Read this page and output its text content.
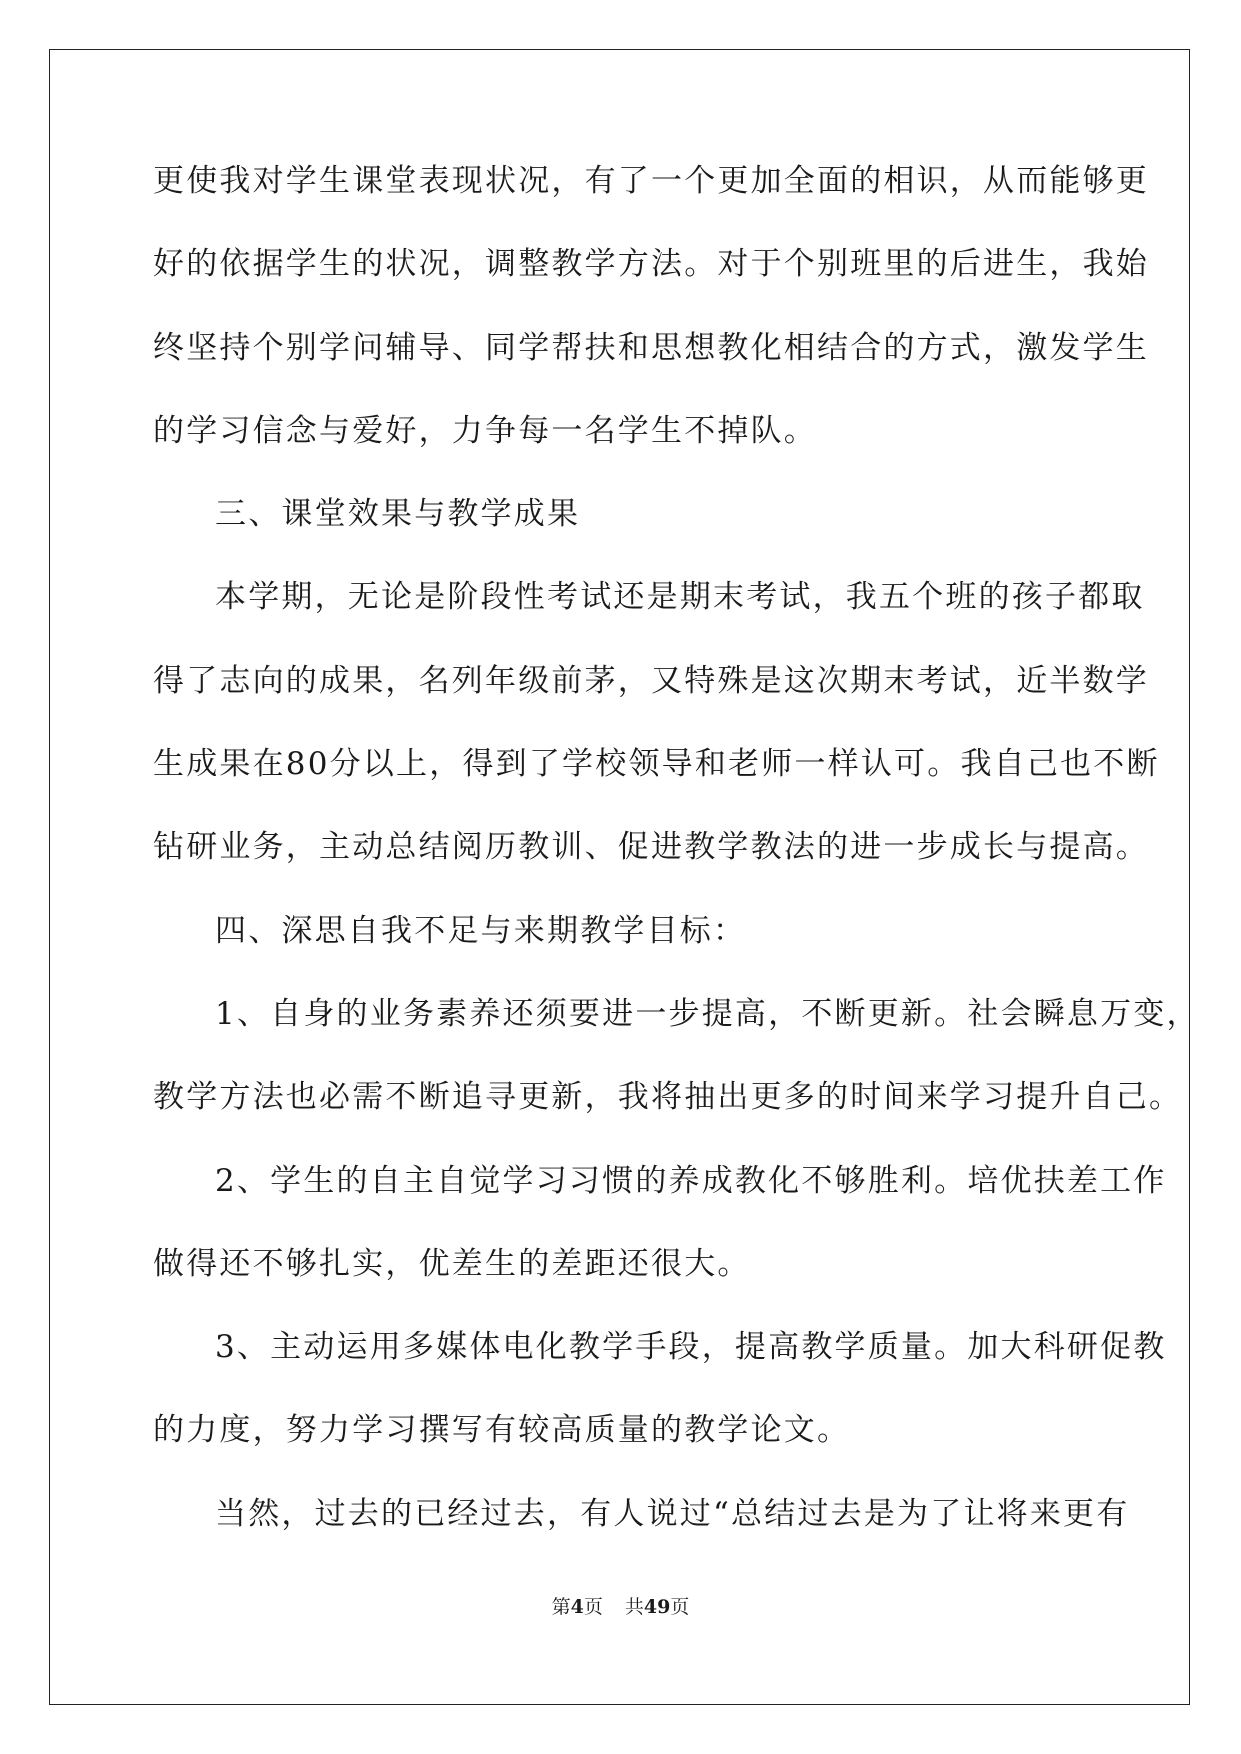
更使我对学生课堂表现状况，有了一个更加全面的相识，从而能够更
好的依据学生的状况，调整教学方法。对于个别班里的后进生，我始
终坚持个别学问辅导、同学帮扶和思想教化相结合的方式，激发学生
的学习信念与爱好，力争每一名学生不掉队。
三、课堂效果与教学成果
本学期，无论是阶段性考试还是期末考试，我五个班的孩子都取
得了志向的成果，名列年级前茅，又特殊是这次期末考试，近半数学
生成果在80分以上，得到了学校领导和老师一样认可。我自己也不断
钻研业务，主动总结阅历教训、促进教学教法的进一步成长与提高。
四、深思自我不足与来期教学目标：
1、自身的业务素养还须要进一步提高，不断更新。社会瞬息万变，
教学方法也必需不断追寻更新，我将抽出更多的时间来学习提升自己。
2、学生的自主自觉学习习惯的养成教化不够胜利。培优扶差工作
做得还不够扎实，优差生的差距还很大。
3、主动运用多媒体电化教学手段，提高教学质量。加大科研促教
的力度，努力学习撰写有较高质量的教学论文。
当然，过去的已经过去，有人说过“总结过去是为了让将来更有
第4页 共49页
